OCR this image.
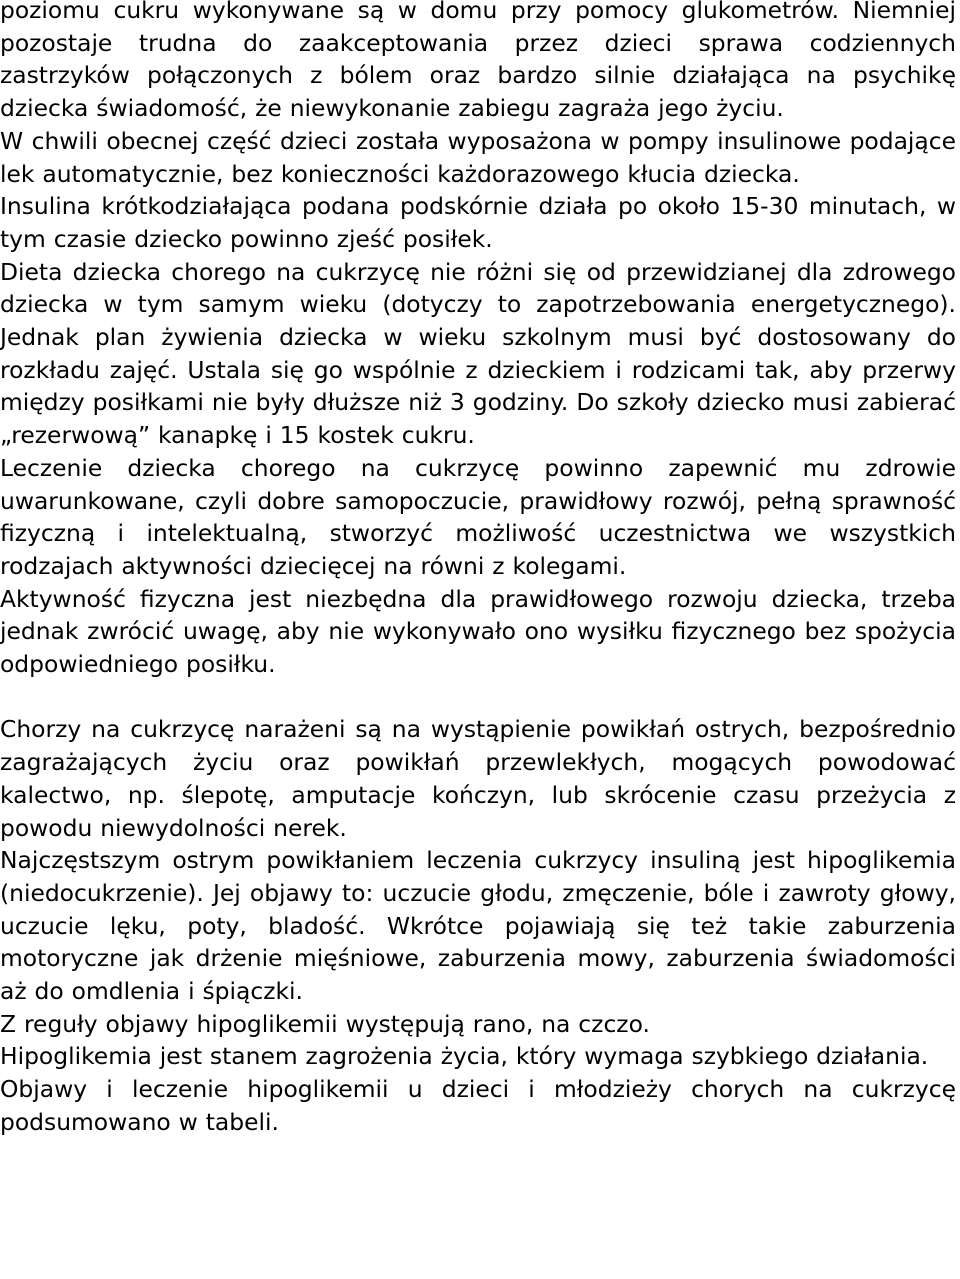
poziomu cukru wykonywane są w domu przy pomocy glukometrów. Niemniej pozostaje trudna do zaakceptowania przez dzieci sprawa codziennych zastrzyków połączonych z bólem oraz bardzo silnie działająca na psychikę dziecka świadomość, że niewykonanie zabiegu zagraża jego życiu.

W chwili obecnej część dzieci została wyposażona w pompy insulinowe podające lek automatycznie, bez konieczności każdorazowego kłucia dziecka.

Insulina krótkodziałająca podana podskórnie działa po około 15-30 minutach, w tym czasie dziecko powinno zjeść posiłek.

Dieta dziecka chorego na cukrzycę nie różni się od przewidzianej dla zdrowego dziecka w tym samym wieku (dotyczy to zapotrzebowania energetycznego). Jednak plan żywienia dziecka w wieku szkolnym musi być dostosowany do rozkładu zajęć. Ustala się go wspólnie z dzieckiem i rodzicami tak, aby przerwy między posiłkami nie były dłuższe niż 3 godziny. Do szkoły dziecko musi zabierać „rezerwową” kanapkę i 15 kostek cukru.

Leczenie dziecka chorego na cukrzycę powinno zapewnić mu zdrowie uwarunkowane, czyli dobre samopoczucie, prawidłowy rozwój, pełną sprawność fizyczną i intelektualną, stworzyć możliwość uczestnictwa we wszystkich rodzajach aktywności dziecięcej na równi z kolegami.

Aktywność fizyczna jest niezbędna dla prawidłowego rozwoju dziecka, trzeba jednak zwrócić uwagę, aby nie wykonywało ono wysiłku fizycznego bez spożycia odpowiedniego posiłku.

Chorzy na cukrzycę narażeni są na wystąpienie powikłań ostrych, bezpośrednio zagrażających życiu oraz powikłań przewlekłych, mogących powodować kalectwo, np. ślepotę, amputacje kończyn, lub skrócenie czasu przeżycia z powodu niewydolności nerek.

Najczęstszym ostrym powikłaniem leczenia cukrzycy insuliną jest hipoglikemia (niedocukrzenie). Jej objawy to: uczucie głodu, zmęczenie, bóle i zawroty głowy, uczucie lęku, poty, bladość. Wkrótce pojawiają się też takie zaburzenia motoryczne jak drżenie mięśniowe, zaburzenia mowy, zaburzenia świadomości aż do omdlenia i śpiączki.

Z reguły objawy hipoglikemii występują rano, na czczo.

Hipoglikemia jest stanem zagrożenia życia, który wymaga szybkiego działania.

Objawy i leczenie hipoglikemii u dzieci i młodzieży chorych na cukrzycę podsumowano w tabeli.
